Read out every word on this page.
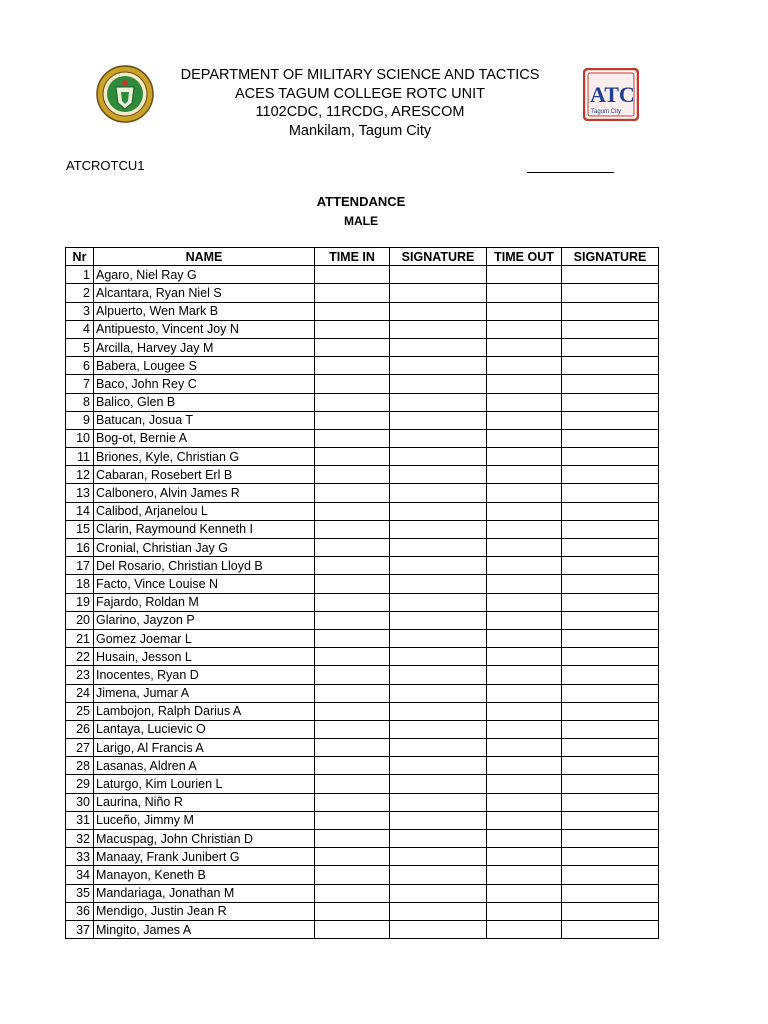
ATC
Tagum City
DEPARTMENT OF MILITARY SCIENCE AND TACTICS
ACES TAGUM COLLEGE ROTC UNIT
1102CDC, 11RCDG, ARESCOM
Mankilam, Tagum City
ATCROTCU1
ATTENDANCE
MALE
Nr	NAME	TIME IN	SIGNATURE	TIME OUT	SIGNATURE
1	Agaro, Niel Ray G				
2	Alcantara, Ryan Niel S				
3	Alpuerto, Wen Mark B				
4	Antipuesto, Vincent Joy N				
5	Arcilla, Harvey Jay M				
6	Babera, Lougee S				
7	Baco, John Rey C				
8	Balico, Glen B				
9	Batucan, Josua T				
10	Bog-ot, Bernie A				
11	Briones, Kyle, Christian G				
12	Cabaran, Rosebert Erl B				
13	Calbonero, Alvin James R				
14	Calibod, Arjanelou L				
15	Clarin, Raymound Kenneth I				
16	Cronial, Christian Jay G				
17	Del Rosario, Christian Lloyd B				
18	Facto, Vince Louise N				
19	Fajardo, Roldan M				
20	Glarino, Jayzon P				
21	Gomez Joemar L				
22	Husain, Jesson L				
23	Inocentes, Ryan D				
24	Jimena, Jumar A				
25	Lambojon, Ralph Darius A				
26	Lantaya, Lucievic O				
27	Larigo, Al Francis A				
28	Lasanas, Aldren A				
29	Laturgo, Kim Lourien L				
30	Laurina, Niño R				
31	Luceño, Jimmy M				
32	Macuspag, John Christian D				
33	Manaay, Frank Junibert G				
34	Manayon, Keneth B				
35	Mandariaga, Jonathan M				
36	Mendigo, Justin Jean R				
37	Mingito, James A				
